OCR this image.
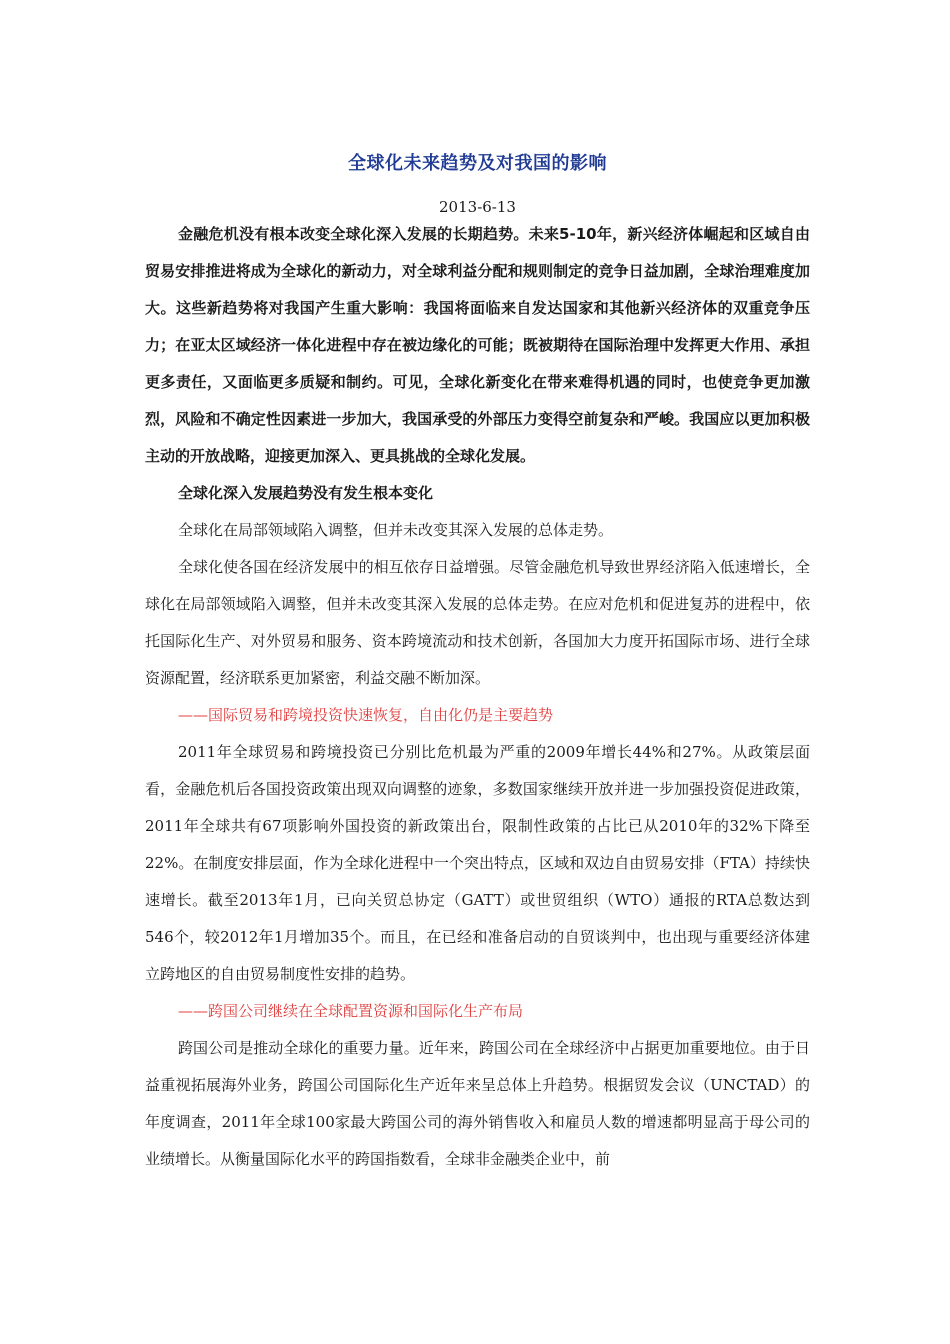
全球化未来趋势及对我国的影响
2013-6-13

金融危机没有根本改变全球化深入发展的长期趋势。未来5-10年，新兴经济体崛起和区域自由贸易安排推进将成为全球化的新动力，对全球利益分配和规则制定的竞争日益加剧，全球治理难度加大。这些新趋势将对我国产生重大影响：我国将面临来自发达国家和其他新兴经济体的双重竞争压力；在亚太区域经济一体化进程中存在被边缘化的可能；既被期待在国际治理中发挥更大作用、承担更多责任，又面临更多质疑和制约。可见，全球化新变化在带来难得机遇的同时，也使竞争更加激烈，风险和不确定性因素进一步加大，我国承受的外部压力变得空前复杂和严峻。我国应以更加积极主动的开放战略，迎接更加深入、更具挑战的全球化发展。

全球化深入发展趋势没有发生根本变化

全球化在局部领域陷入调整，但并未改变其深入发展的总体走势。

全球化使各国在经济发展中的相互依存日益增强。尽管金融危机导致世界经济陷入低速增长，全球化在局部领域陷入调整，但并未改变其深入发展的总体走势。在应对危机和促进复苏的进程中，依托国际化生产、对外贸易和服务、资本跨境流动和技术创新，各国加大力度开拓国际市场、进行全球资源配置，经济联系更加紧密，利益交融不断加深。

——国际贸易和跨境投资快速恢复，自由化仍是主要趋势

2011年全球贸易和跨境投资已分别比危机最为严重的2009年增长44%和27%。从政策层面看，金融危机后各国投资政策出现双向调整的迹象，多数国家继续开放并进一步加强投资促进政策，2011年全球共有67项影响外国投资的新政策出台，限制性政策的占比已从2010年的32%下降至22%。在制度安排层面，作为全球化进程中一个突出特点，区域和双边自由贸易安排（FTA）持续快速增长。截至2013年1月，已向关贸总协定（GATT）或世贸组织（WTO）通报的RTA总数达到546个，较2012年1月增加35个。而且，在已经和准备启动的自贸谈判中，也出现与重要经济体建立跨地区的自由贸易制度性安排的趋势。

——跨国公司继续在全球配置资源和国际化生产布局

跨国公司是推动全球化的重要力量。近年来，跨国公司在全球经济中占据更加重要地位。由于日益重视拓展海外业务，跨国公司国际化生产近年来呈总体上升趋势。根据贸发会议（UNCTAD）的年度调查，2011年全球100家最大跨国公司的海外销售收入和雇员人数的增速都明显高于母公司的业绩增长。从衡量国际化水平的跨国指数看，全球非金融类企业中，前
